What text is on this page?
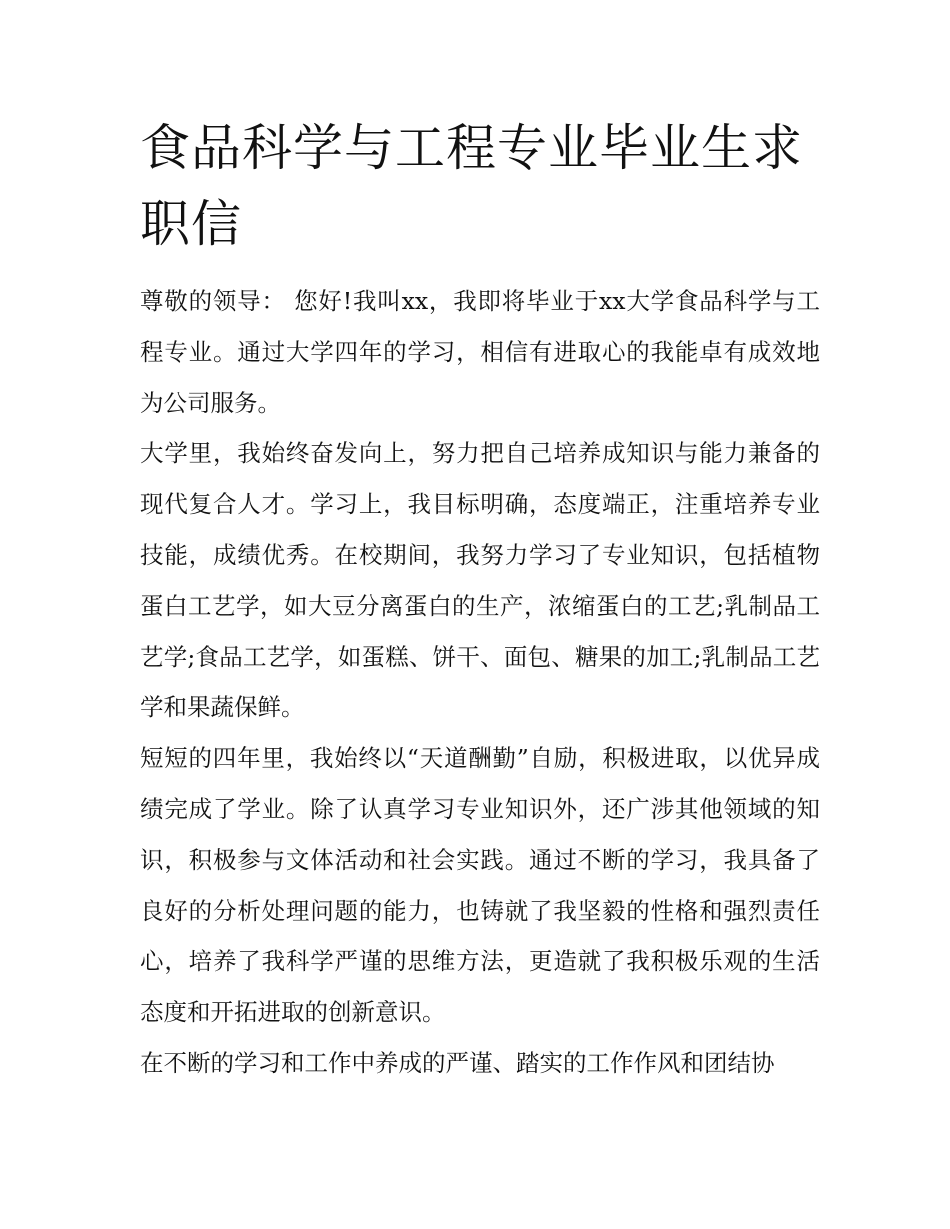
食品科学与工程专业毕业生求职信

尊敬的领导： 您好!我叫xx，我即将毕业于xx大学食品科学与工程专业。通过大学四年的学习，相信有进取心的我能卓有成效地为公司服务。

大学里，我始终奋发向上，努力把自己培养成知识与能力兼备的现代复合人才。学习上，我目标明确，态度端正，注重培养专业技能，成绩优秀。在校期间，我努力学习了专业知识，包括植物蛋白工艺学，如大豆分离蛋白的生产，浓缩蛋白的工艺;乳制品工艺学;食品工艺学，如蛋糕、饼干、面包、糖果的加工;乳制品工艺学和果蔬保鲜。

短短的四年里，我始终以“天道酬勤”自励，积极进取，以优异成绩完成了学业。除了认真学习专业知识外，还广涉其他领域的知识，积极参与文体活动和社会实践。通过不断的学习，我具备了良好的分析处理问题的能力，也铸就了我坚毅的性格和强烈责任心，培养了我科学严谨的思维方法，更造就了我积极乐观的生活态度和开拓进取的创新意识。

在不断的学习和工作中养成的严谨、踏实的工作作风和团结协
